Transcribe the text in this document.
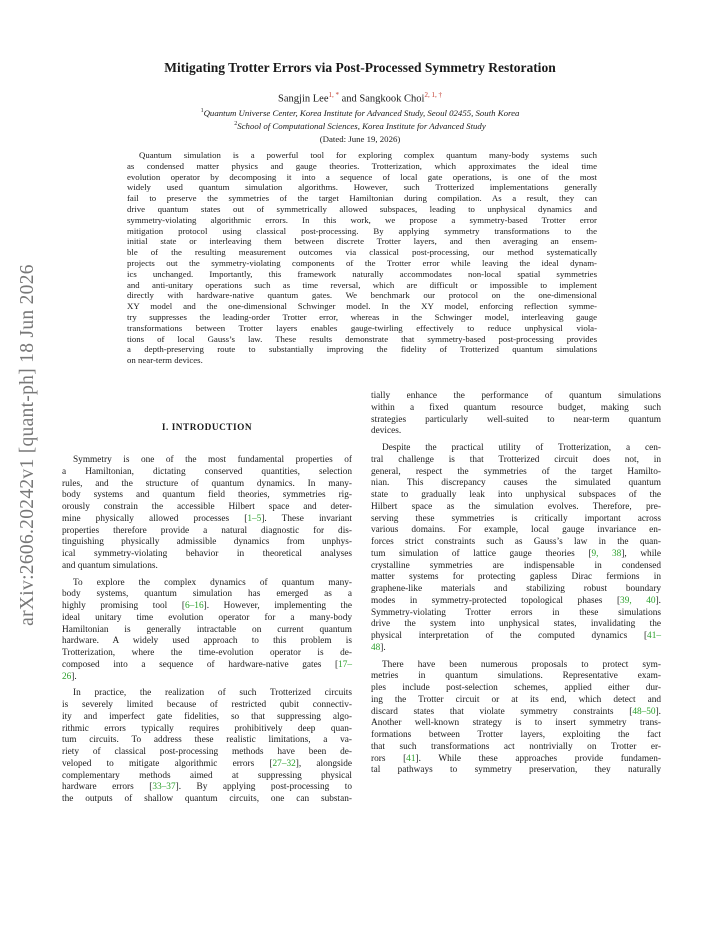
arXiv:2606.20242v1 [quant-ph] 18 Jun 2026
Mitigating Trotter Errors via Post-Processed Symmetry Restoration
Sangjin Lee$^{1, *}$ and Sangkook Choi$^{2, 1, \dagger}$
$^1$Quantum Universe Center, Korea Institute for Advanced Study, Seoul 02455, South Korea
$^2$School of Computational Sciences, Korea Institute for Advanced Study
(Dated: June 19, 2026)
Quantum simulation is a powerful tool for exploring complex quantum many-body systems such
as condensed matter physics and gauge theories. Trotterization, which approximates the ideal time
evolution operator by decomposing it into a sequence of local gate operations, is one of the most
widely used quantum simulation algorithms. However, such Trotterized implementations generally
fail to preserve the symmetries of the target Hamiltonian during compilation. As a result, they can
drive quantum states out of symmetrically allowed subspaces, leading to unphysical dynamics and
symmetry-violating algorithmic errors. In this work, we propose a symmetry-based Trotter error
mitigation protocol using classical post-processing. By applying symmetry transformations to the
initial state or interleaving them between discrete Trotter layers, and then averaging an ensem-
ble of the resulting measurement outcomes via classical post-processing, our method systematically
projects out the symmetry-violating components of the Trotter error while leaving the ideal dynam-
ics unchanged. Importantly, this framework naturally accommodates non-local spatial symmetries
and anti-unitary operations such as time reversal, which are difficult or impossible to implement
directly with hardware-native quantum gates. We benchmark our protocol on the one-dimensional
XY model and the one-dimensional Schwinger model. In the XY model, enforcing reflection symme-
try suppresses the leading-order Trotter error, whereas in the Schwinger model, interleaving gauge
transformations between Trotter layers enables gauge-twirling effectively to reduce unphysical viola-
tions of local Gauss’s law. These results demonstrate that symmetry-based post-processing provides
a depth-preserving route to substantially improving the fidelity of Trotterized quantum simulations
on near-term devices.
I. INTRODUCTION
Symmetry is one of the most fundamental properties of
a Hamiltonian, dictating conserved quantities, selection
rules, and the structure of quantum dynamics. In many-
body systems and quantum field theories, symmetries rig-
orously constrain the accessible Hilbert space and deter-
mine physically allowed processes [1–5]. These invariant
properties therefore provide a natural diagnostic for dis-
tinguishing physically admissible dynamics from unphys-
ical symmetry-violating behavior in theoretical analyses
and quantum simulations.
To explore the complex dynamics of quantum many-
body systems, quantum simulation has emerged as a
highly promising tool [6–16]. However, implementing the
ideal unitary time evolution operator for a many-body
Hamiltonian is generally intractable on current quantum
hardware. A widely used approach to this problem is
Trotterization, where the time-evolution operator is de-
composed into a sequence of hardware-native gates [17–
26].
In practice, the realization of such Trotterized circuits
is severely limited because of restricted qubit connectiv-
ity and imperfect gate fidelities, so that suppressing algo-
rithmic errors typically requires prohibitively deep quan-
tum circuits. To address these realistic limitations, a va-
riety of classical post-processing methods have been de-
veloped to mitigate algorithmic errors [27–32], alongside
complementary methods aimed at suppressing physical
hardware errors [33–37]. By applying post-processing to
the outputs of shallow quantum circuits, one can substan-
tially enhance the performance of quantum simulations
within a fixed quantum resource budget, making such
strategies particularly well-suited to near-term quantum
devices.
Despite the practical utility of Trotterization, a cen-
tral challenge is that Trotterized circuit does not, in
general, respect the symmetries of the target Hamilto-
nian. This discrepancy causes the simulated quantum
state to gradually leak into unphysical subspaces of the
Hilbert space as the simulation evolves. Therefore, pre-
serving these symmetries is critically important across
various domains. For example, local gauge invariance en-
forces strict constraints such as Gauss’s law in the quan-
tum simulation of lattice gauge theories [9, 38], while
crystalline symmetries are indispensable in condensed
matter systems for protecting gapless Dirac fermions in
graphene-like materials and stabilizing robust boundary
modes in symmetry-protected topological phases [39, 40].
Symmetry-violating Trotter errors in these simulations
drive the system into unphysical states, invalidating the
physical interpretation of the computed dynamics [41–
48].
There have been numerous proposals to protect sym-
metries in quantum simulations. Representative exam-
ples include post-selection schemes, applied either dur-
ing the Trotter circuit or at its end, which detect and
discard states that violate symmetry constraints [48–50].
Another well-known strategy is to insert symmetry trans-
formations between Trotter layers, exploiting the fact
that such transformations act nontrivially on Trotter er-
rors [41]. While these approaches provide fundamen-
tal pathways to symmetry preservation, they naturally
